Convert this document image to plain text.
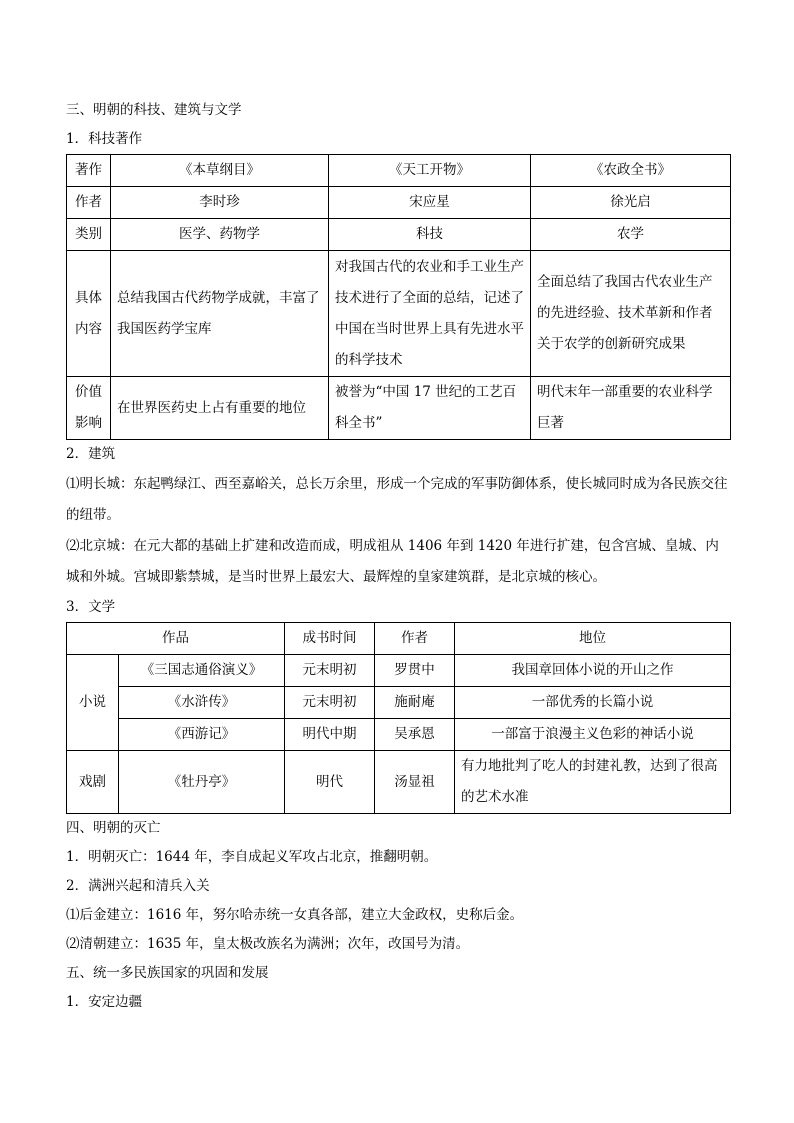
三、明朝的科技、建筑与文学
1．科技著作
著作	《本草纲目》	《天工开物》	《农政全书》
作者	李时珍	宋应星	徐光启
类别	医学、药物学	科技	农学
具体内容	总结我国古代药物学成就，丰富了我国医药学宝库	对我国古代的农业和手工业生产技术进行了全面的总结，记述了中国在当时世界上具有先进水平的科学技术	全面总结了我国古代农业生产的先进经验、技术革新和作者关于农学的创新研究成果
价值影响	在世界医药史上占有重要的地位	被誉为“中国 17 世纪的工艺百科全书”	明代末年一部重要的农业科学巨著
2．建筑
⑴明长城：东起鸭绿江、西至嘉峪关，总长万余里，形成一个完成的军事防御体系，使长城同时成为各民族交往的纽带。
⑵北京城：在元大都的基础上扩建和改造而成，明成祖从 1406 年到 1420 年进行扩建，包含宫城、皇城、内城和外城。宫城即紫禁城，是当时世界上最宏大、最辉煌的皇家建筑群，是北京城的核心。
3．文学
作品		成书时间	作者	地位
小说	《三国志通俗演义》	元末明初	罗贯中	我国章回体小说的开山之作
	《水浒传》	元末明初	施耐庵	一部优秀的长篇小说
	《西游记》	明代中期	吴承恩	一部富于浪漫主义色彩的神话小说
戏剧	《牡丹亭》	明代	汤显祖	有力地批判了吃人的封建礼教，达到了很高的艺术水准
四、明朝的灭亡
1．明朝灭亡：1644 年，李自成起义军攻占北京，推翻明朝。
2．满洲兴起和清兵入关
⑴后金建立：1616 年，努尔哈赤统一女真各部，建立大金政权，史称后金。
⑵清朝建立：1635 年，皇太极改族名为满洲；次年，改国号为清。
五、统一多民族国家的巩固和发展
1．安定边疆
